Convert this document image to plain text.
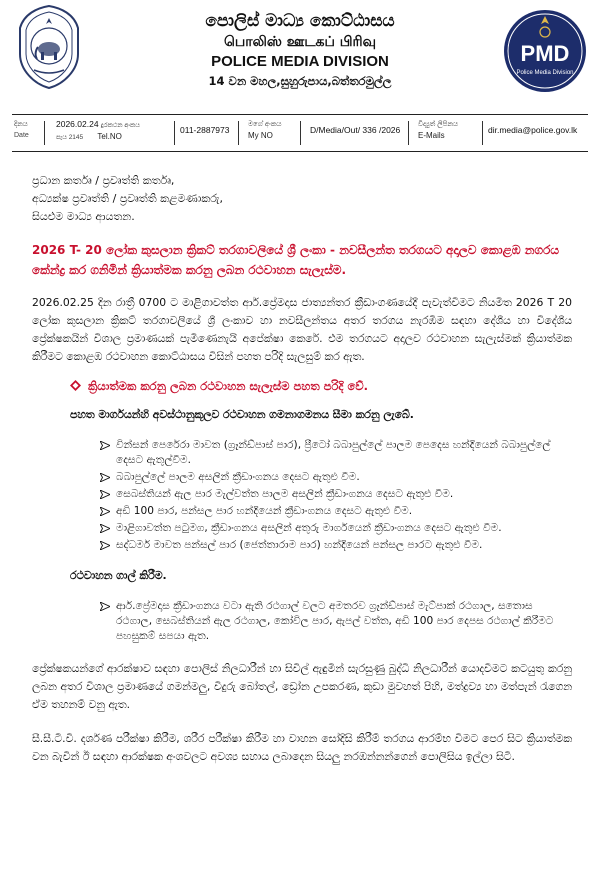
පොලිස් මාධ්‍ය කොට්ඨාසය
பொலிஸ் ஊடகப் பிரிவு
POLICE MEDIA DIVISION
14 වන මහල,සුහුරුපාය,බත්තරමුල්ල
PMD
Police Media Division
දිනය
Date
2026.02.24 දුරකථන අංකය
පැය 2145 Tel.NO
011-2887973
මගේ අංකය
My NO
D/Media/Out/ 336 /2026
විද්‍යුත් ලිපිනය
E-Mails
dir.media@police.gov.lk

ප්‍රධාන කර්තෘ / ප්‍රවෘත්ති කර්තෘ,

අධ්‍යක්ෂ ප්‍රවෘත්ති / ප්‍රවෘත්ති කළමණාකරු,

සියළුම මාධ්‍ය ආයතන.

2026 T- 20 ලෝක කුසලාන ක්‍රිකට් තරගාවලියේ ශ්‍රී ලංකා - නවසීලන්ත තරගයට අදාලව කොළඹ නගරය කේන්ද්‍ර කර ගනිමින් ක්‍රියාත්මක කරනු ලබන රථවාහන සැලැස්ම.
2026.02.25 දින රාත්‍රී 0700 ට මාළිගාවත්ත ආර්.ප්‍රේමදාස ජාත්‍යන්තර ක්‍රීඩාංගණයේදී පැවැත්වීමට නියමිත 2026 T 20 ලෝක කුසලාන ක්‍රිකට් තරගාවලියේ ශ්‍රී ලංකාව හා නවසීලන්තය අතර තරගය නැරඹීම සඳහා දේශීය හා විදේශීය ප්‍රේක්ෂකයින් විශාල ප්‍රමාණයක් පැමිණෙනැයි අපේක්ෂා කෙරේ. එම තරගයට අදාලව රථවාහන සැලැස්මක් ක්‍රියාත්මක කිරීමට කොළඹ රථවාහන කොට්ඨාසය විසින් පහත පරිදි සැලසුම් කර ඇත.
ක්‍රියාත්මක කරනු ලබන රථවාහන සැලැස්ම පහත පරිදි වේ.
පහත මාර්ගයන්හි අවස්ථානුකූලව රථවාහන ගමනාගමනය සීමා කරනු ලැබේ.
වින්සන් පෙරේරා මාවත (ග්‍රෑන්ඩ්පාස් පාර), ප්‍රීටෝ බබාපුල්ලේ පාලම පෙදෙස හන්දියෙන් බබාපුල්ලේ දෙසට ඇතුල්වීම.
බබාපුල්ලේ පාලම අසලින් ක්‍රීඩාංගනය දෙසට ඇතුළු වීම.
සෙබස්තියන් ඇල පාර මැල්වත්ත පාලම අසලින් ක්‍රීඩාංගනය දෙසට ඇතුළු වීම.
අඩි 100 පාර, පන්සල පාර හන්දියෙන් ක්‍රීඩාංගනය දෙසට ඇතුළු වීම.
මාළිගාවත්ත පටුමග, ක්‍රීඩාංගනය අසලින් අතුරු මාර්ගයෙන් ක්‍රීඩාංගනය දෙසට ඇතුළු වීම.
සද්ධර්ම මාවත පන්සල් පාර (ජෙත්තාරාම පාර) හන්දියෙන් පන්සල පාරට ඇතුළු වීම.
රථවාහන ගාල් කිරීම.
ආර්.ප්‍රේමදාස ක්‍රීඩාංගනය වටා ඇති රථගාල් වලට අමතරව ග්‍රෑන්ඩ්පාස් මැට්පාක් රථගාල, සතොස රථගාල, සෙබස්තියන් ඇල රථගාල, කෝවිල පාර, ඇපල් වත්ත, අඩි 100 පාර දෙපස රථගාල් කිරීමට පහසුකම් සපයා ඇත.
ප්‍රේක්ෂකයන්ගේ ආරක්ෂාව සඳහා පොලිස් නිලධාරීන් හා සිවිල් ඇඳුමින් සැරසුණු බුද්ධි නිලධාරීන් යොදවීමට කටයුතු කරනු ලබන අතර විශාල ප්‍රමාණයේ ගමන්මලු, විදුරු බෝතල්, ඩ්‍රෝන උපකරණ, කුඩා මුවහත් පිහි, මත්ද්‍රව්‍ය හා මත්පැන් රැගෙන ඒම තහනම් වනු ඇත.
සී.සී.ටී.වී. දර්ශණ පරීක්ෂා කිරීම, ශරීර පරීක්ෂා කිරීම හා වාහන සෝදිසි කිරීම් තරගය ආරම්භ වීමට පෙර සිට ක්‍රියාත්මක වන බැවින් ඊ සඳහා ආරක්ෂක අංශවලට අවශ්‍ය සහාය ලබාදෙන සියලු නරඹන්නන්ගෙන් පොලිසිය ඉල්ලා සිටී.
